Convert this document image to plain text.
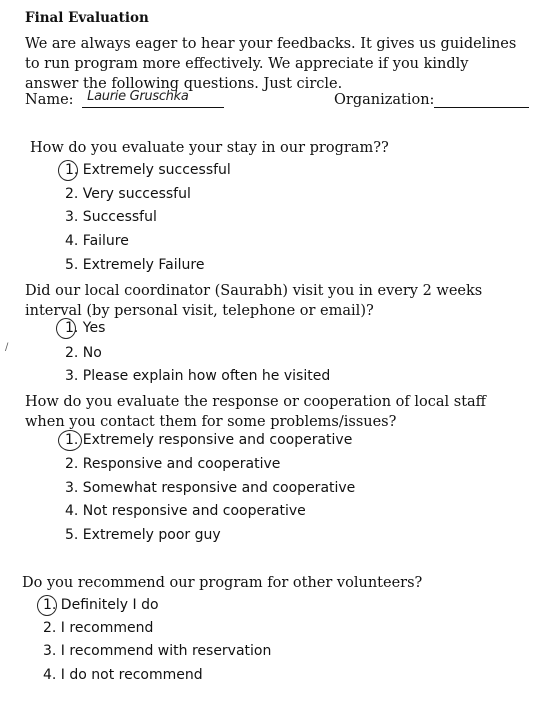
Final Evaluation
We are always eager to hear your feedbacks. It gives us guidelines to run program more effectively. We appreciate if you kindly answer the following questions. Just circle.
Name: Laurie Gruschka	Organization:
How do you evaluate your stay in our program??
1. Extremely successful
2. Very successful
3. Successful
4. Failure
5. Extremely Failure
Did our local coordinator (Saurabh) visit you in every 2 weeks interval (by personal visit, telephone or email)?
1. Yes
2. No
3. Please explain how often he visited
/
How do you evaluate the response or cooperation of local staff when you contact them for some problems/issues?
1. Extremely responsive and cooperative
2. Responsive and cooperative
3. Somewhat responsive and cooperative
4. Not responsive and cooperative
5. Extremely poor guy
Do you recommend our program for other volunteers?
1. Definitely I do
2. I recommend
3. I recommend with reservation
4. I do not recommend
